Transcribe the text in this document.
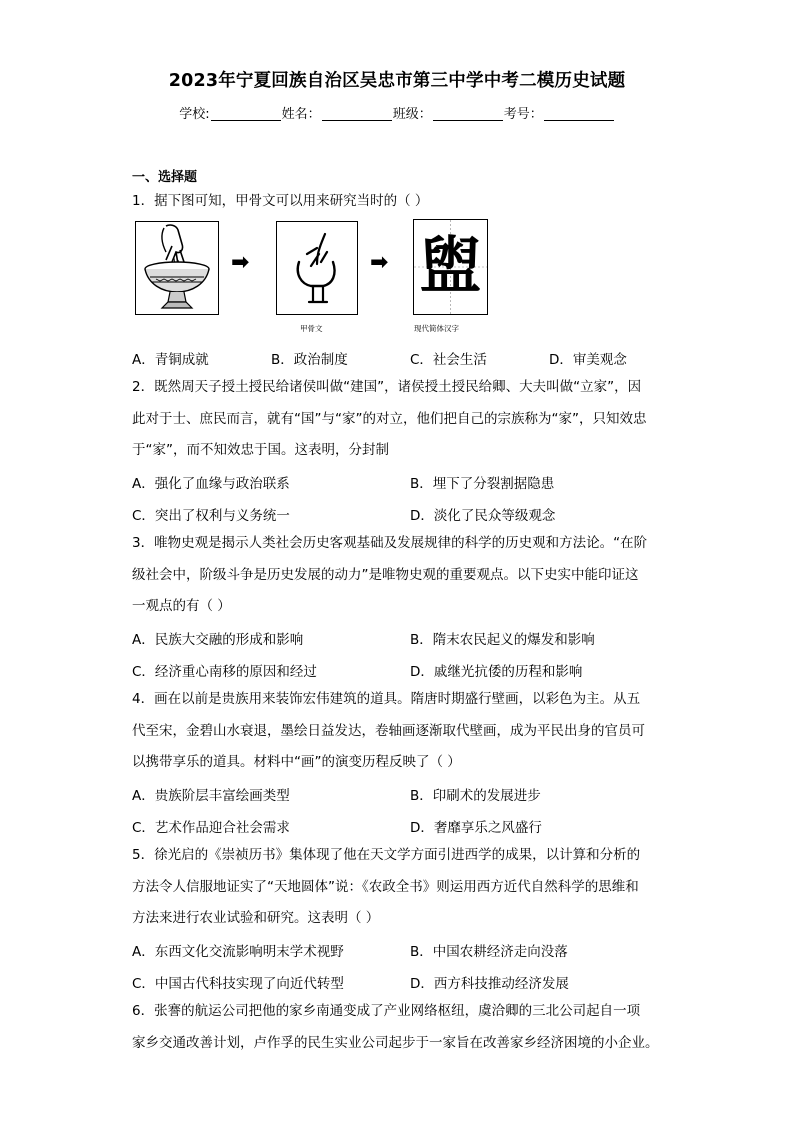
2023年宁夏回族自治区吴忠市第三中学中考二模历史试题
学校:	姓名：	班级：	考号：
一、选择题
1．据下图可知，甲骨文可以用来研究当时的（ ）
➡
甲骨文
➡ 盥
现代简体汉字
A．青铜成就	B．政治制度	C．社会生活	D．审美观念
2．既然周天子授土授民给诸侯叫做“建国”，诸侯授土授民给卿、大夫叫做“立家”，因
此对于士、庶民而言，就有“国”与“家”的对立，他们把自己的宗族称为“家”，只知效忠
于“家”，而不知效忠于国。这表明，分封制
A．强化了血缘与政治联系	B．埋下了分裂割据隐患
C．突出了权利与义务统一	D．淡化了民众等级观念
3．唯物史观是揭示人类社会历史客观基础及发展规律的科学的历史观和方法论。“在阶
级社会中，阶级斗争是历史发展的动力”是唯物史观的重要观点。以下史实中能印证这
一观点的有（ ）
A．民族大交融的形成和影响	B．隋末农民起义的爆发和影响
C．经济重心南移的原因和经过	D．戚继光抗倭的历程和影响
4．画在以前是贵族用来装饰宏伟建筑的道具。隋唐时期盛行壁画，以彩色为主。从五
代至宋，金碧山水衰退，墨绘日益发达，卷轴画逐渐取代壁画，成为平民出身的官员可
以携带享乐的道具。材料中“画”的演变历程反映了（ ）
A．贵族阶层丰富绘画类型	B．印刷术的发展进步
C．艺术作品迎合社会需求	D．奢靡享乐之风盛行
5．徐光启的《崇祯历书》集体现了他在天文学方面引进西学的成果，以计算和分析的
方法令人信服地证实了“天地圆体”说：《农政全书》则运用西方近代自然科学的思维和
方法来进行农业试验和研究。这表明（ ）
A．东西文化交流影响明末学术视野	B．中国农耕经济走向没落
C．中国古代科技实现了向近代转型	D．西方科技推动经济发展
6．张謇的航运公司把他的家乡南通变成了产业网络枢纽，虞洽卿的三北公司起自一项
家乡交通改善计划，卢作孚的民生实业公司起步于一家旨在改善家乡经济困境的小企业。
